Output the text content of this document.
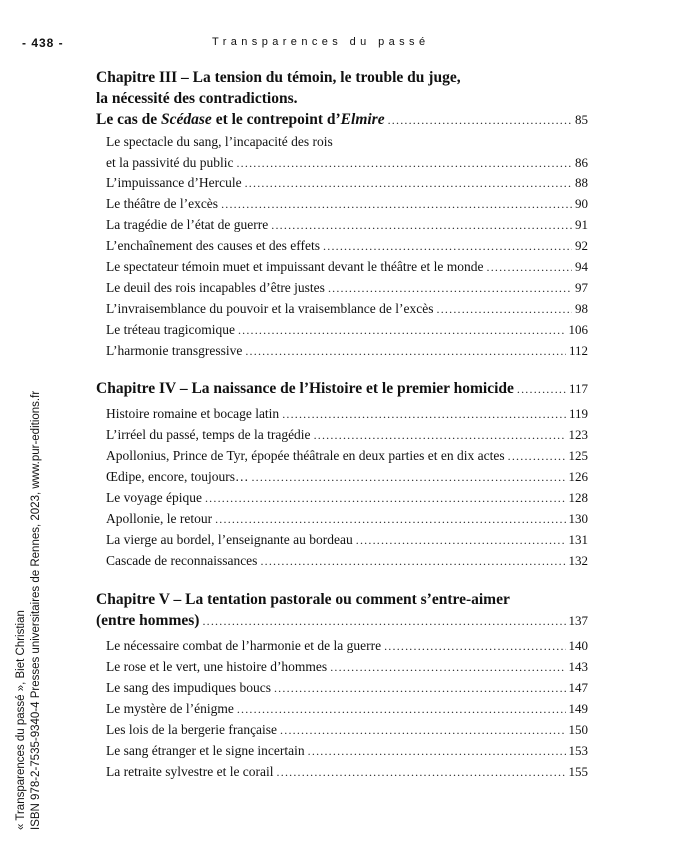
- 438 -	Transparences du passé
« Transparences du passé », Biet Christian ISBN 978-2-7535-9340-4 Presses universitaires de Rennes, 2023, www.pur-editions.fr
Chapitre III – La tension du témoin, le trouble du juge,
la nécessité des contradictions.
Le cas de Scédase et le contrepoint d’Elmire .....	85
Le spectacle du sang, l’incapacité des rois
et la passivité du public .....	86
L’impuissance d’Hercule .....	88
Le théâtre de l’excès .....	90
La tragédie de l’état de guerre .....	91
L’enchaînement des causes et des effets .....	92
Le spectateur témoin muet et impuissant devant le théâtre et le monde .....	94
Le deuil des rois incapables d’être justes .....	97
L’invraisemblance du pouvoir et la vraisemblance de l’excès .....	98
Le tréteau tragicomique .....	106
L’harmonie transgressive .....	112
Chapitre IV – La naissance de l’Histoire et le premier homicide .....	117
Histoire romaine et bocage latin .....	119
L’irréel du passé, temps de la tragédie .....	123
Apollonius, Prince de Tyr, épopée théâtrale en deux parties et en dix actes .....	125
Œdipe, encore, toujours… .....	126
Le voyage épique .....	128
Apollonie, le retour .....	130
La vierge au bordel, l’enseignante au bordeau .....	131
Cascade de reconnaissances .....	132
Chapitre V – La tentation pastorale ou comment s’entre-aimer
(entre hommes) .....	137
Le nécessaire combat de l’harmonie et de la guerre .....	140
Le rose et le vert, une histoire d’hommes .....	143
Le sang des impudiques boucs .....	147
Le mystère de l’énigme .....	149
Les lois de la bergerie française .....	150
Le sang étranger et le signe incertain .....	153
La retraite sylvestre et le corail .....	155
